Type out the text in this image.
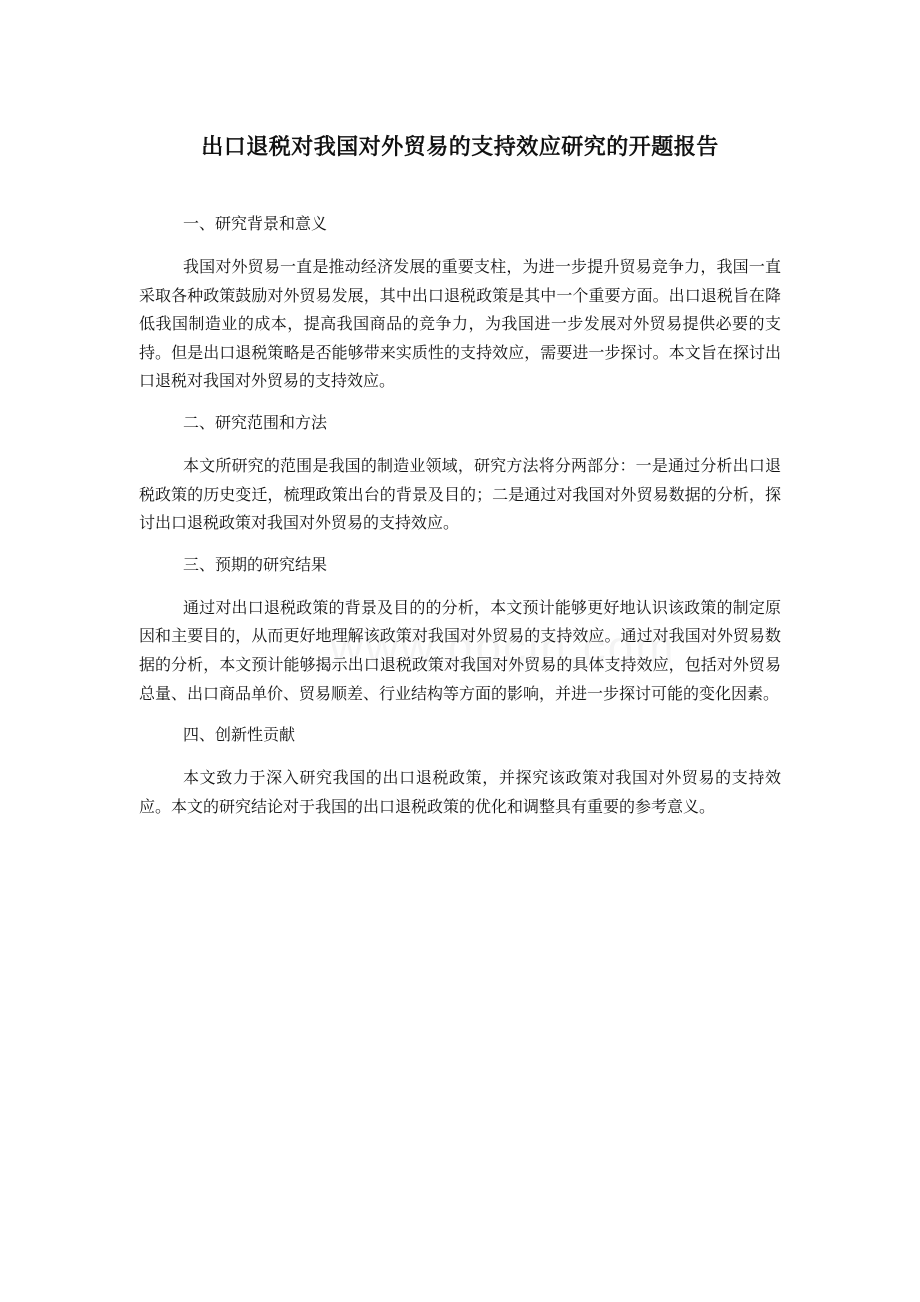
出口退税对我国对外贸易的支持效应研究的开题报告
一、研究背景和意义

我国对外贸易一直是推动经济发展的重要支柱，为进一步提升贸易竞争力，我国一直采取各种政策鼓励对外贸易发展，其中出口退税政策是其中一个重要方面。出口退税旨在降低我国制造业的成本，提高我国商品的竞争力，为我国进一步发展对外贸易提供必要的支持。但是出口退税策略是否能够带来实质性的支持效应，需要进一步探讨。本文旨在探讨出口退税对我国对外贸易的支持效应。

二、研究范围和方法

本文所研究的范围是我国的制造业领域，研究方法将分两部分：一是通过分析出口退税政策的历史变迁，梳理政策出台的背景及目的；二是通过对我国对外贸易数据的分析，探讨出口退税政策对我国对外贸易的支持效应。

三、预期的研究结果

通过对出口退税政策的背景及目的的分析，本文预计能够更好地认识该政策的制定原因和主要目的，从而更好地理解该政策对我国对外贸易的支持效应。通过对我国对外贸易数据的分析，本文预计能够揭示出口退税政策对我国对外贸易的具体支持效应，包括对外贸易总量、出口商品单价、贸易顺差、行业结构等方面的影响，并进一步探讨可能的变化因素。

四、创新性贡献

本文致力于深入研究我国的出口退税政策，并探究该政策对我国对外贸易的支持效应。本文的研究结论对于我国的出口退税政策的优化和调整具有重要的参考意义。
